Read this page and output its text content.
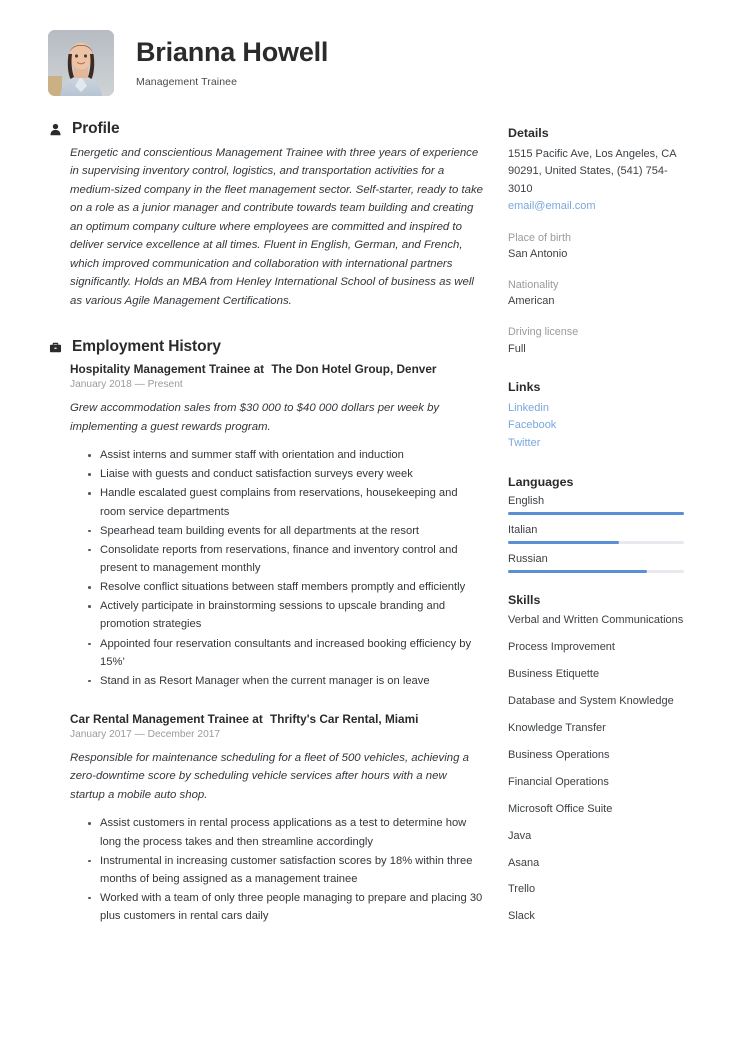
Brianna Howell
Management Trainee
Profile
Energetic and conscientious Management Trainee with three years of experience in supervising inventory control, logistics, and transportation activities for a medium-sized company in the fleet management sector. Self-starter, ready to take on a role as a junior manager and contribute towards team building and creating an optimum company culture where employees are committed and inspired to deliver service excellence at all times. Fluent in English, German, and French, which improved communication and collaboration with international partners significantly. Holds an MBA from Henley International School of business as well as various Agile Management Certifications.
Employment History
Hospitality Management Trainee at The Don Hotel Group, Denver
January 2018 — Present
Grew accommodation sales from $30 000 to $40 000 dollars per week by implementing a guest rewards program.
Assist interns and summer staff with orientation and induction
Liaise with guests and conduct satisfaction surveys every week
Handle escalated guest complains from reservations, housekeeping and room service departments
Spearhead team building events for all departments at the resort
Consolidate reports from reservations, finance and inventory control and present to management monthly
Resolve conflict situations between staff members promptly and efficiently
Actively participate in brainstorming sessions to upscale branding and promotion strategies
Appointed four reservation consultants and increased booking efficiency by 15%’
Stand in as Resort Manager when the current manager is on leave
Car Rental Management Trainee at Thrifty's Car Rental, Miami
January 2017 — December 2017
Responsible for maintenance scheduling for a fleet of 500 vehicles, achieving a zero-downtime score by scheduling vehicle services after hours with a new startup a mobile auto shop.
Assist customers in rental process applications as a test to determine how long the process takes and then streamline accordingly
Instrumental in increasing customer satisfaction scores by 18% within three months of being assigned as a management trainee
Worked with a team of only three people managing to prepare and placing 30 plus customers in rental cars daily
Details
1515 Pacific Ave, Los Angeles, CA 90291, United States, (541) 754-3010
email@email.com
Place of birth
San Antonio
Nationality
American
Driving license
Full
Links
Linkedin
Facebook
Twitter
Languages
English
Italian
Russian
Skills
Verbal and Written Communications
Process Improvement
Business Etiquette
Database and System Knowledge
Knowledge Transfer
Business Operations
Financial Operations
Microsoft Office Suite
Java
Asana
Trello
Slack
